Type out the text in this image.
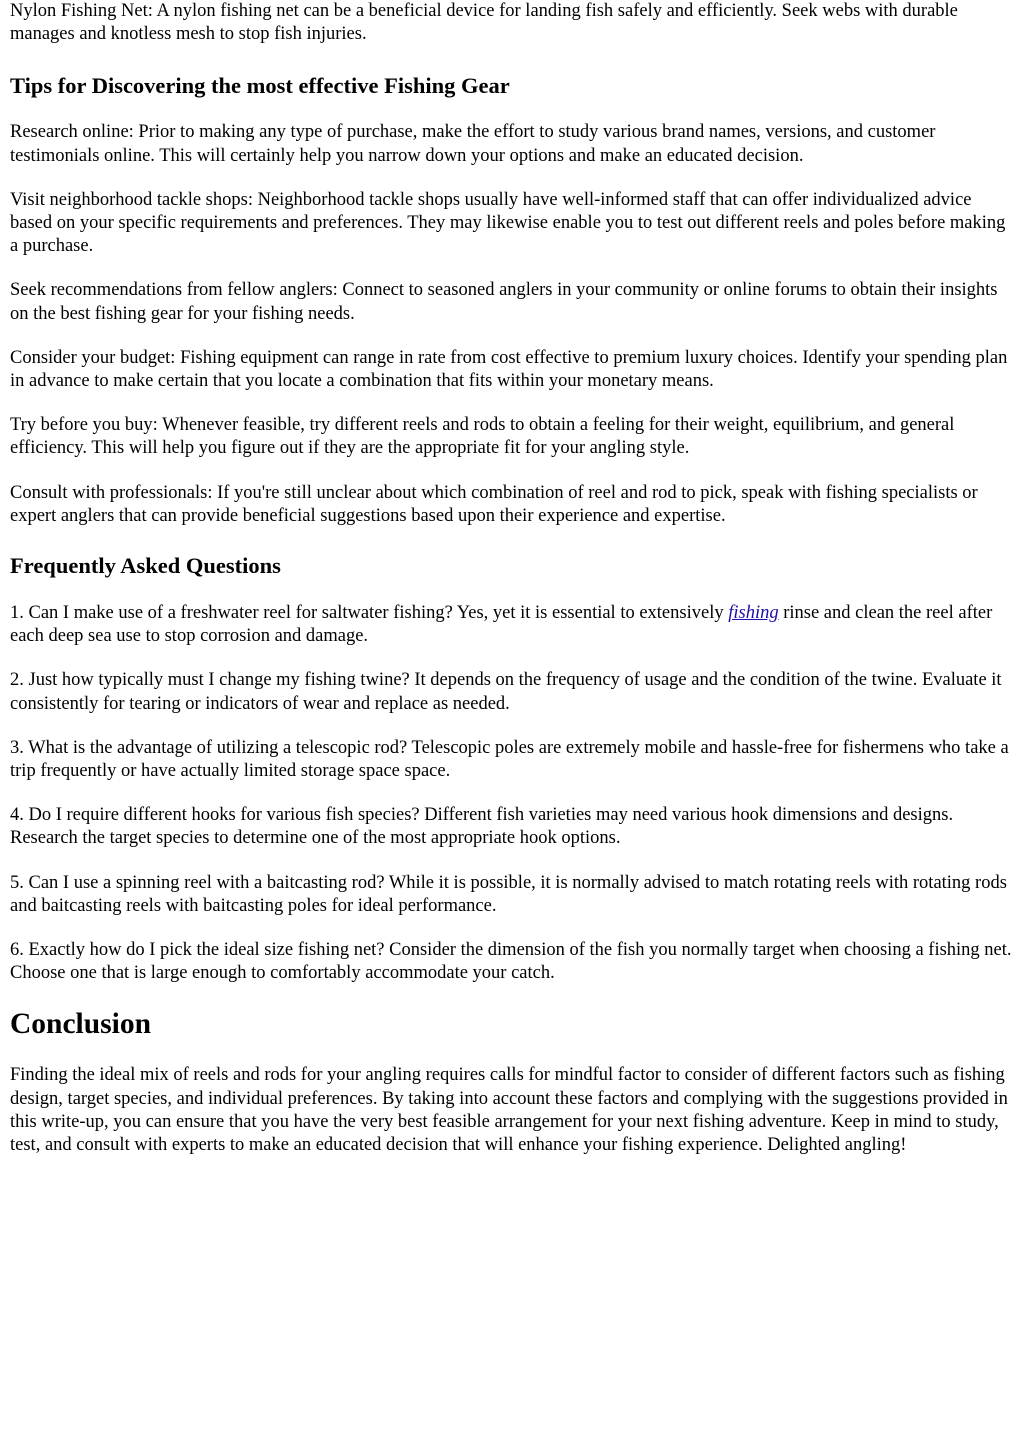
Nylon Fishing Net: A nylon fishing net can be a beneficial device for landing fish safely and efficiently. Seek webs with durable manages and knotless mesh to stop fish injuries.

Tips for Discovering the most effective Fishing Gear

Research online: Prior to making any type of purchase, make the effort to study various brand names, versions, and customer testimonials online. This will certainly help you narrow down your options and make an educated decision.

Visit neighborhood tackle shops: Neighborhood tackle shops usually have well-informed staff that can offer individualized advice based on your specific requirements and preferences. They may likewise enable you to test out different reels and poles before making a purchase.

Seek recommendations from fellow anglers: Connect to seasoned anglers in your community or online forums to obtain their insights on the best fishing gear for your fishing needs.

Consider your budget: Fishing equipment can range in rate from cost effective to premium luxury choices. Identify your spending plan in advance to make certain that you locate a combination that fits within your monetary means.

Try before you buy: Whenever feasible, try different reels and rods to obtain a feeling for their weight, equilibrium, and general efficiency. This will help you figure out if they are the appropriate fit for your angling style.

Consult with professionals: If you're still unclear about which combination of reel and rod to pick, speak with fishing specialists or expert anglers that can provide beneficial suggestions based upon their experience and expertise.

Frequently Asked Questions

1. Can I make use of a freshwater reel for saltwater fishing? Yes, yet it is essential to extensively fishing rinse and clean the reel after each deep sea use to stop corrosion and damage.

2. Just how typically must I change my fishing twine? It depends on the frequency of usage and the condition of the twine. Evaluate it consistently for tearing or indicators of wear and replace as needed.

3. What is the advantage of utilizing a telescopic rod? Telescopic poles are extremely mobile and hassle-free for fishermens who take a trip frequently or have actually limited storage space space.

4. Do I require different hooks for various fish species? Different fish varieties may need various hook dimensions and designs. Research the target species to determine one of the most appropriate hook options.

5. Can I use a spinning reel with a baitcasting rod? While it is possible, it is normally advised to match rotating reels with rotating rods and baitcasting reels with baitcasting poles for ideal performance.

6. Exactly how do I pick the ideal size fishing net? Consider the dimension of the fish you normally target when choosing a fishing net. Choose one that is large enough to comfortably accommodate your catch.

Conclusion

Finding the ideal mix of reels and rods for your angling requires calls for mindful factor to consider of different factors such as fishing design, target species, and individual preferences. By taking into account these factors and complying with the suggestions provided in this write-up, you can ensure that you have the very best feasible arrangement for your next fishing adventure. Keep in mind to study, test, and consult with experts to make an educated decision that will enhance your fishing experience. Delighted angling!
